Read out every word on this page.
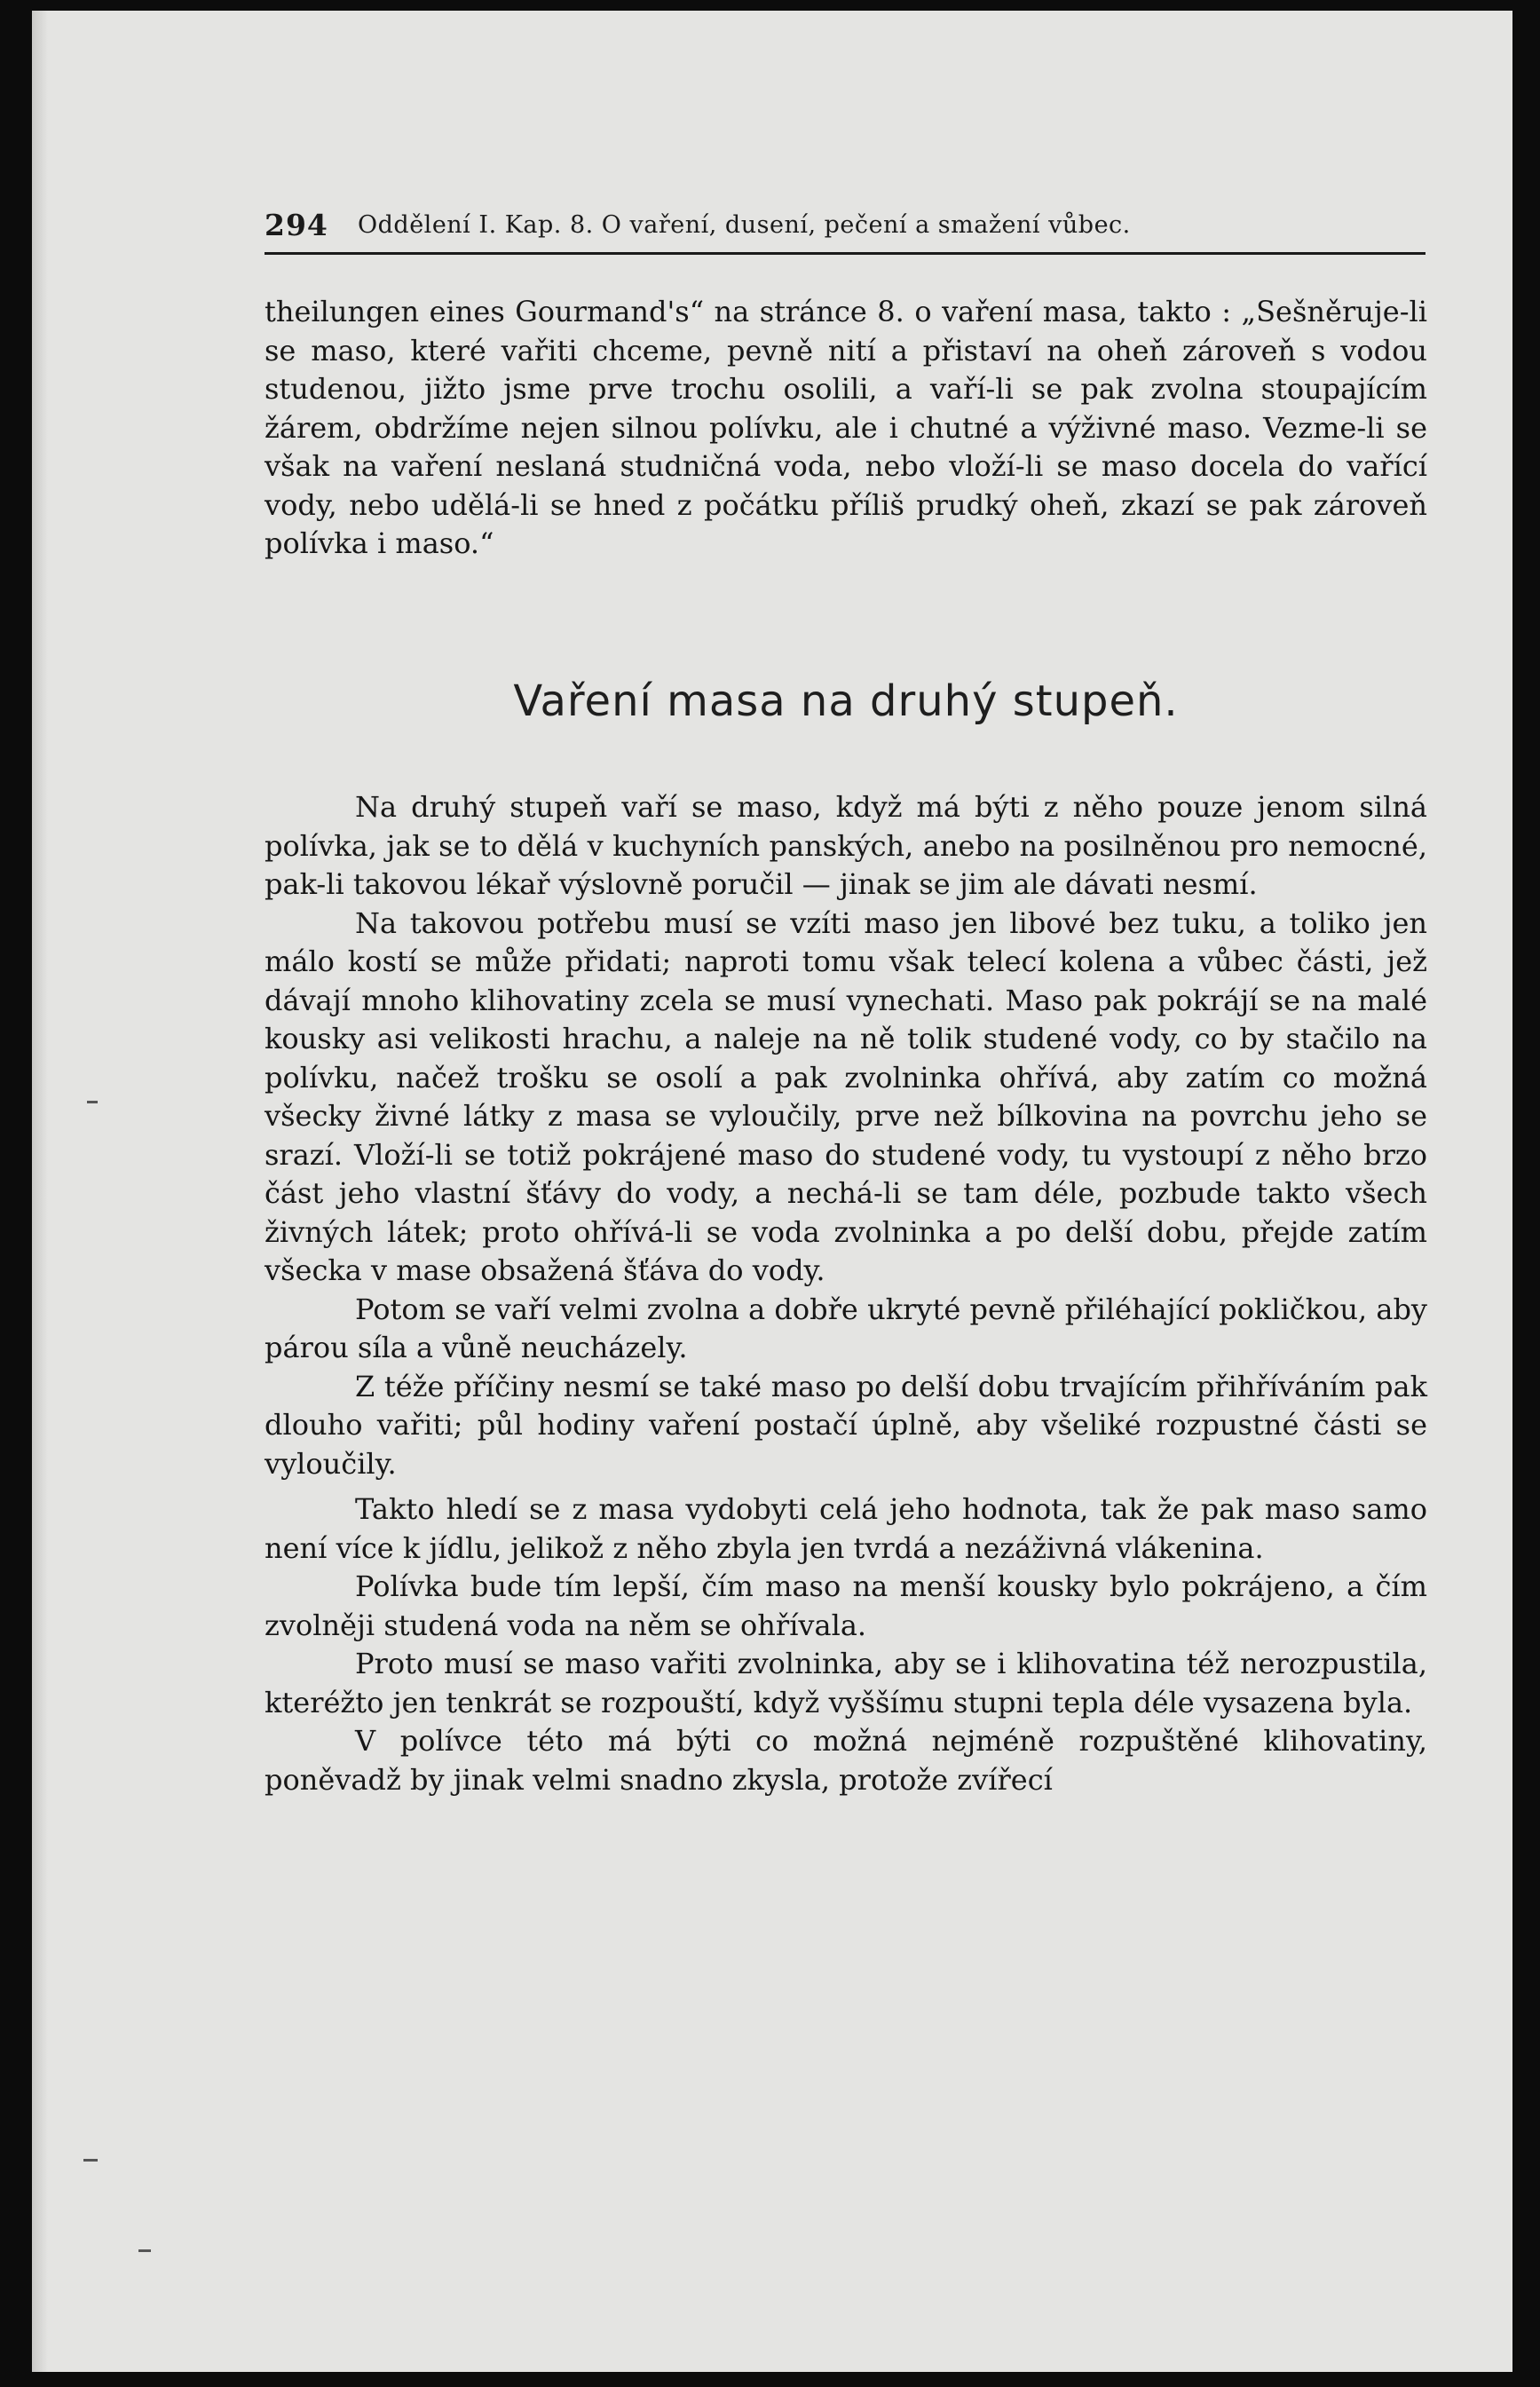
294 Oddělení I. Kap. 8. O vaření, dusení, pečení a smažení vůbec.

theilungen eines Gourmand's“ na stránce 8. o vaření masa, takto : „Sešněruje-li se maso, které vařiti chceme, pevně nití a přistaví na oheň zároveň s vodou studenou, jižto jsme prve trochu osolili, a vaří-li se pak zvolna stoupajícím žárem, obdržíme nejen silnou polívku, ale i chutné a výživné maso. Vezme-li se však na vaření neslaná studničná voda, nebo vloží-li se maso docela do vařící vody, nebo udělá-li se hned z počátku příliš prudký oheň, zkazí se pak zároveň polívka i maso.“

Vaření masa na druhý stupeň.

Na druhý stupeň vaří se maso, když má býti z něho pouze jenom silná polívka, jak se to dělá v kuchyních panských, anebo na posilněnou pro nemocné, pak-li takovou lékař výslovně poručil — jinak se jim ale dávati nesmí.

Na takovou potřebu musí se vzíti maso jen libové bez tuku, a toliko jen málo kostí se může přidati; naproti tomu však telecí kolena a vůbec části, jež dávají mnoho klihovatiny zcela se musí vynechati. Maso pak pokrájí se na malé kousky asi velikosti hrachu, a naleje na ně tolik studené vody, co by stačilo na polívku, načež trošku se osolí a pak zvolninka ohřívá, aby zatím co možná všecky živné látky z masa se vyloučily, prve než bílkovina na povrchu jeho se srazí. Vloží-li se totiž pokrájené maso do studené vody, tu vystoupí z něho brzo část jeho vlastní šťávy do vody, a nechá-li se tam déle, pozbude takto všech živných látek; proto ohřívá-li se voda zvolninka a po delší dobu, přejde zatím všecka v mase obsažená šťáva do vody.

Potom se vaří velmi zvolna a dobře ukryté pevně přiléhající pokličkou, aby párou síla a vůně neucházely.

Z téže příčiny nesmí se také maso po delší dobu trvajícím přihříváním pak dlouho vařiti; půl hodiny vaření postačí úplně, aby všeliké rozpustné části se vyloučily.

Takto hledí se z masa vydobyti celá jeho hodnota, tak že pak maso samo není více k jídlu, jelikož z něho zbyla jen tvrdá a nezáživná vlákenina.

Polívka bude tím lepší, čím maso na menší kousky bylo pokrájeno, a čím zvolněji studená voda na něm se ohřívala.

Proto musí se maso vařiti zvolninka, aby se i klihovatina též nerozpustila, kteréžto jen tenkrát se rozpouští, když vyššímu stupni tepla déle vysazena byla.

V polívce této má býti co možná nejméně rozpuštěné klihovatiny, poněvadž by jinak velmi snadno zkysla, protože zvířecí
